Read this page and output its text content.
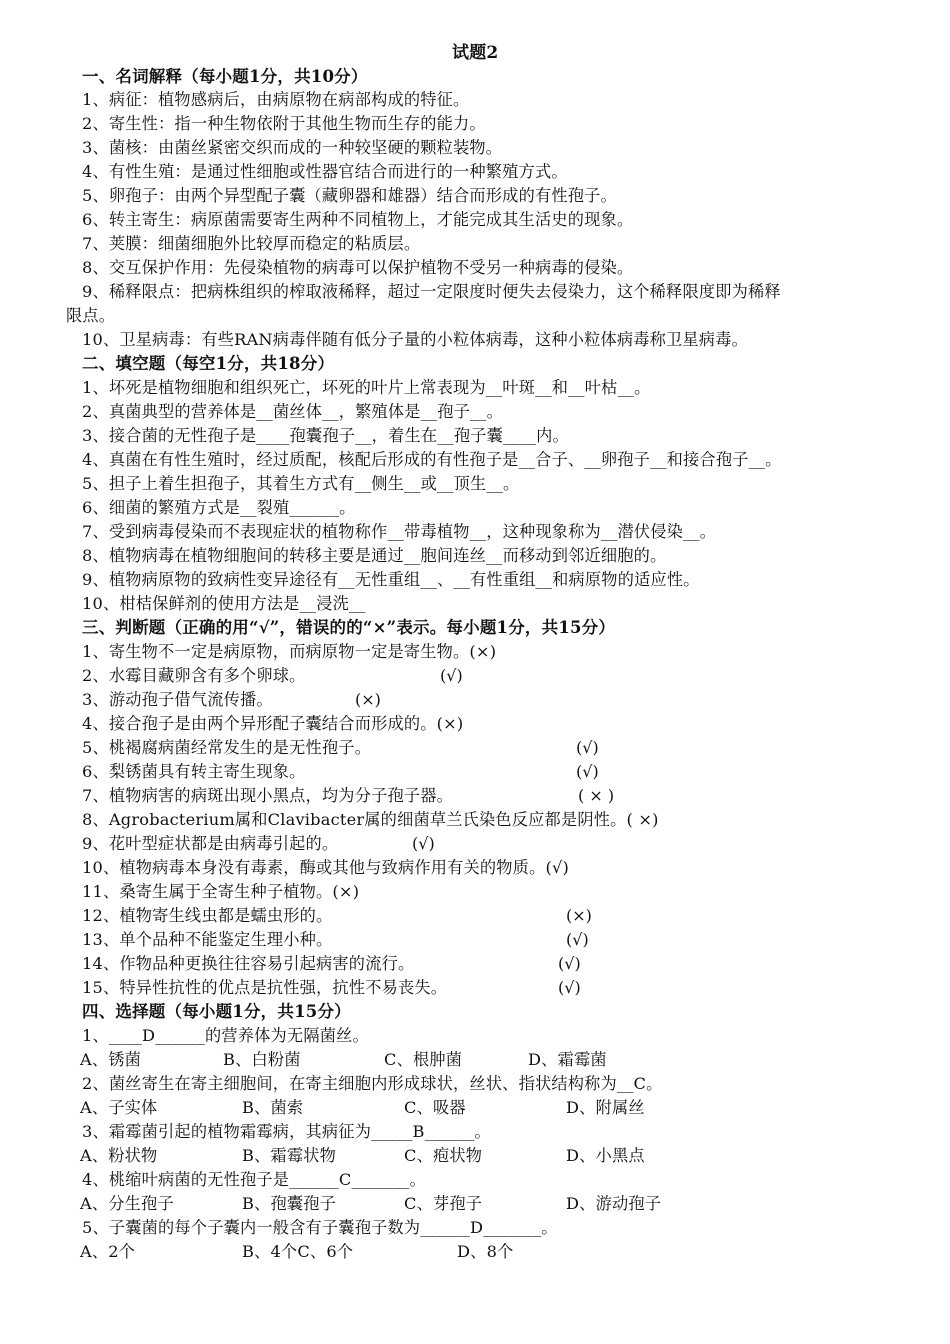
试题2
一、名词解释（每小题1分，共10分）
1、病征：植物感病后，由病原物在病部构成的特征。
2、寄生性：指一种生物依附于其他生物而生存的能力。
3、菌核：由菌丝紧密交织而成的一种较坚硬的颗粒装物。
4、有性生殖：是通过性细胞或性器官结合而进行的一种繁殖方式。
5、卵孢子：由两个异型配子囊（藏卵器和雄器）结合而形成的有性孢子。
6、转主寄生：病原菌需要寄生两种不同植物上，才能完成其生活史的现象。
7、荚膜：细菌细胞外比较厚而稳定的粘质层。
8、交互保护作用：先侵染植物的病毒可以保护植物不受另一种病毒的侵染。
9、稀释限点：把病株组织的榨取液稀释，超过一定限度时便失去侵染力，这个稀释限度即为稀释
限点。
10、卫星病毒：有些RAN病毒伴随有低分子量的小粒体病毒，这种小粒体病毒称卫星病毒。
二、填空题（每空1分，共18分）
1、坏死是植物细胞和组织死亡，坏死的叶片上常表现为__叶斑__和__叶枯__。
2、真菌典型的营养体是__菌丝体__，繁殖体是__孢子__。
3、接合菌的无性孢子是____孢囊孢子__，着生在__孢子囊____内。
4、真菌在有性生殖时，经过质配，核配后形成的有性孢子是__合子、__卵孢子__和接合孢子__。
5、担子上着生担孢子，其着生方式有__侧生__或__顶生__。
6、细菌的繁殖方式是__裂殖______。
7、受到病毒侵染而不表现症状的植物称作__带毒植物__，这种现象称为__潜伏侵染__。
8、植物病毒在植物细胞间的转移主要是通过__胞间连丝__而移动到邻近细胞的。
9、植物病原物的致病性变异途径有__无性重组__、__有性重组__和病原物的适应性。
10、柑桔保鲜剂的使用方法是__浸洗__
三、判断题（正确的用“√”，错误的的“×”表示。每小题1分，共15分）
1、寄生物不一定是病原物，而病原物一定是寄生物。(×)
2、水霉目藏卵含有多个卵球。	(√)
3、游动孢子借气流传播。	(×)
4、接合孢子是由两个异形配子囊结合而形成的。(×)
5、桃褐腐病菌经常发生的是无性孢子。	(√)
6、梨锈菌具有转主寄生现象。	(√)
7、植物病害的病斑出现小黑点，均为分子孢子器。	( × )
8、Agrobacterium属和Clavibacter属的细菌草兰氏染色反应都是阴性。( ×)
9、花叶型症状都是由病毒引起的。	(√)
10、植物病毒本身没有毒素，酶或其他与致病作用有关的物质。(√)
11、桑寄生属于全寄生种子植物。(×)
12、植物寄生线虫都是蠕虫形的。	(×)
13、单个品种不能鉴定生理小种。	(√)
14、作物品种更换往往容易引起病害的流行。	(√)
15、特异性抗性的优点是抗性强，抗性不易丧失。	(√)
四、选择题（每小题1分，共15分）
1、____D______的营养体为无隔菌丝。
A、锈菌	B、白粉菌	C、根肿菌	D、霜霉菌
2、菌丝寄生在寄主细胞间，在寄主细胞内形成球状，丝状、指状结构称为__C。
A、子实体	B、菌索	C、吸器	D、附属丝
3、霜霉菌引起的植物霜霉病，其病征为_____B______。
A、粉状物	B、霜霉状物	C、疱状物	D、小黑点
4、桃缩叶病菌的无性孢子是______C_______。
A、分生孢子	B、孢囊孢子	C、芽孢子	D、游动孢子
5、子囊菌的每个子囊内一般含有子囊孢子数为______D_______。
A、2个	B、4个C、6个	D、8个
